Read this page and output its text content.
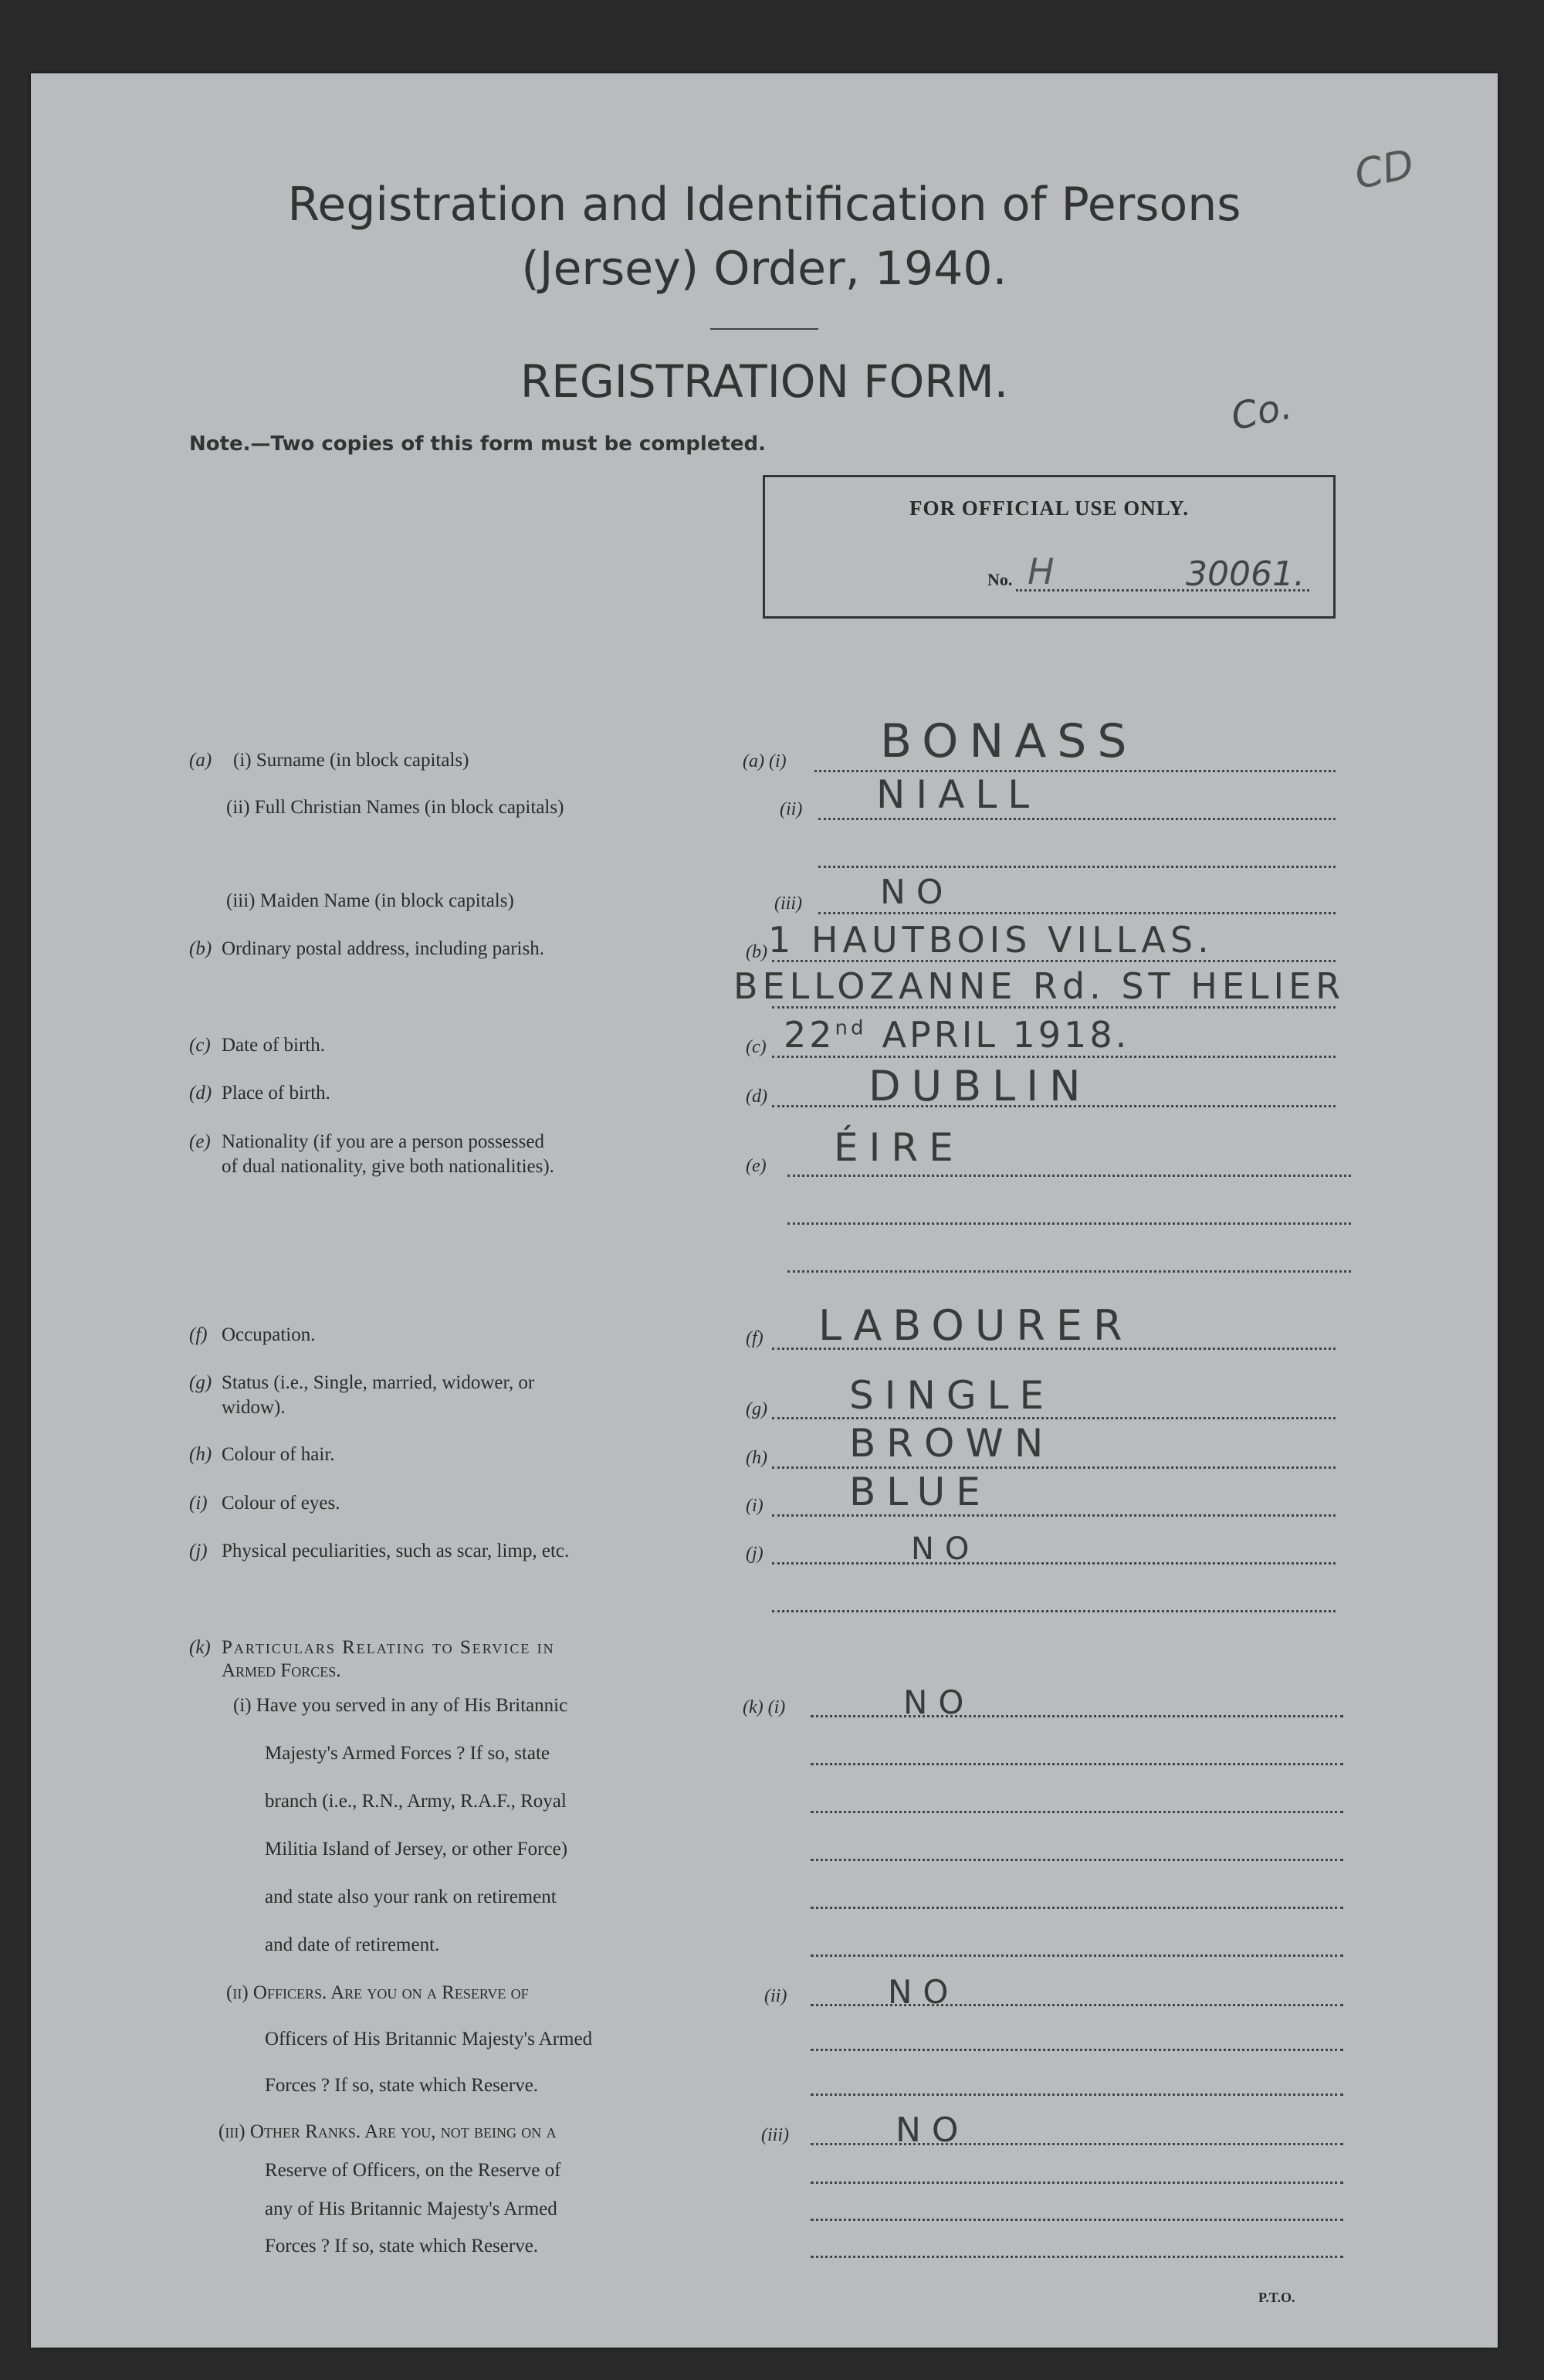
Registration and Identification of Persons
(Jersey) Order, 1940.
REGISTRATION FORM.
Note.—Two copies of this form must be completed.
CD
Co.
FOR OFFICIAL USE ONLY.
No. H	30061.
(a) (i) Surname (in block capitals)
(ii) Full Christian Names (in block capitals)
(iii) Maiden Name (in block capitals)
(b) Ordinary postal address, including parish.
(c) Date of birth.
(d) Place of birth.
(e) Nationality (if you are a person possessed
of dual nationality, give both nationalities).
(f) Occupation.
(g) Status (i.e., Single, married, widower, or
widow).
(h) Colour of hair.
(i) Colour of eyes.
(j) Physical peculiarities, such as scar, limp, etc.
(k) Particulars Relating to Service in
Armed Forces.
(i) Have you served in any of His Britannic
Majesty's Armed Forces ? If so, state
branch (i.e., R.N., Army, R.A.F., Royal
Militia Island of Jersey, or other Force)
and state also your rank on retirement
and date of retirement.
(ii) Officers. Are you on a Reserve of
Officers of His Britannic Majesty's Armed
Forces ? If so, state which Reserve.
(iii) Other Ranks. Are you, not being on a
Reserve of Officers, on the Reserve of
any of His Britannic Majesty's Armed
Forces ? If so, state which Reserve.
(a) (i)
(ii)
(iii)
(b)
(c)
(d)
(e)
(f)
(g)
(h)
(i)
(j)
(k) (i)
(ii)
(iii)
BONASS
NIALL
NO
1 HAUTBOIS VILLAS.
BELLOZANNE Rd. ST HELIER
22nd APRIL 1918.
DUBLIN
ÉIRE
LABOURER
SINGLE
BROWN
BLUE
NO
NO
NO
NO
P.T.O.
